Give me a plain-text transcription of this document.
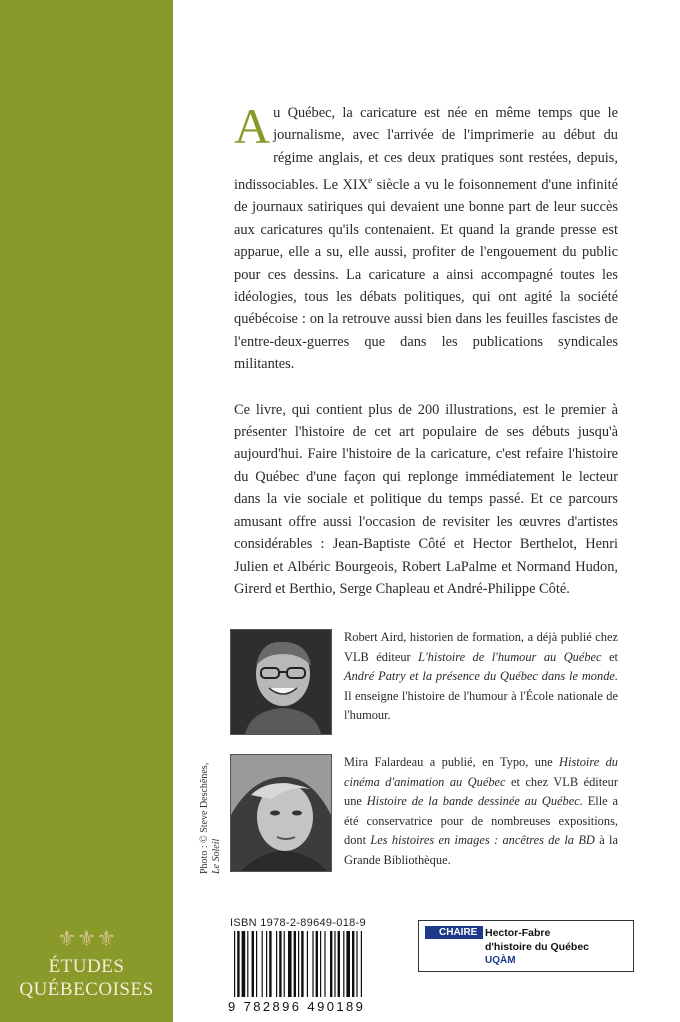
⚜⚜⚜
ÉTUDES
QUÉBECOISES

Au Québec, la caricature est née en même temps que le journalisme, avec l'arrivée de l'imprimerie au début du régime anglais, et ces deux pratiques sont restées, depuis, indissociables. Le XIXe siècle a vu le foisonnement d'une infinité de journaux satiriques qui devaient une bonne part de leur succès aux caricatures qu'ils contenaient. Et quand la grande presse est apparue, elle a su, elle aussi, profiter de l'engouement du public pour ces dessins. La caricature a ainsi accompagné toutes les idéologies, tous les débats politiques, qui ont agité la société québécoise : on la retrouve aussi bien dans les feuilles fascistes de l'entre-deux-guerres que dans les publications syndicales militantes.

Ce livre, qui contient plus de 200 illustrations, est le premier à présenter l'histoire de cet art populaire de ses débuts jusqu'à aujourd'hui. Faire l'histoire de la caricature, c'est refaire l'histoire du Québec d'une façon qui replonge immédiatement le lecteur dans la vie sociale et politique du temps passé. Et ce parcours amusant offre aussi l'occasion de revisiter les œuvres d'artistes considérables : Jean-Baptiste Côté et Hector Berthelot, Henri Julien et Albéric Bourgeois, Robert LaPalme et Normand Hudon, Girerd et Berthio, Serge Chapleau et André-Philippe Côté.

Robert Aird, historien de formation, a déjà publié chez VLB éditeur L'histoire de l'humour au Québec et André Patry et la présence du Québec dans le monde. Il enseigne l'histoire de l'humour à l'École nationale de l'humour.
Photo : © Steve Deschênes, Le Soleil
Mira Falardeau a publié, en Typo, une Histoire du cinéma d'animation au Québec et chez VLB éditeur une Histoire de la bande dessinée au Québec. Elle a été conservatrice pour de nombreuses expositions, dont Les histoires en images : ancêtres de la BD à la Grande Bibliothèque.
ISBN 1978-2-89649-018-9
9 782896 490189
CHAIRE Hector-Fabre
d'histoire du Québec
UQÀM
